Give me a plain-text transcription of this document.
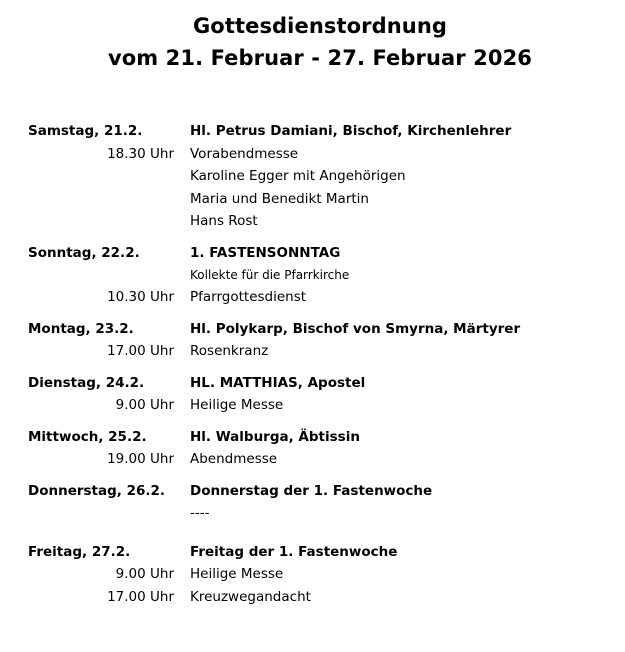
Gottesdienstordnung
vom 21. Februar - 27. Februar 2026
Samstag, 21.2.	Hl. Petrus Damiani, Bischof, Kirchenlehrer
18.30 Uhr Vorabendmesse
Karoline Egger mit Angehörigen
Maria und Benedikt Martin
Hans Rost
Sonntag, 22.2.	1. FASTENSONNTAG
Kollekte für die Pfarrkirche
10.30 Uhr Pfarrgottesdienst
Montag, 23.2.	Hl. Polykarp, Bischof von Smyrna, Märtyrer
17.00 Uhr Rosenkranz
Dienstag, 24.2.	HL. MATTHIAS, Apostel
9.00 Uhr Heilige Messe
Mittwoch, 25.2.	Hl. Walburga, Äbtissin
19.00 Uhr Abendmesse
Donnerstag, 26.2.	Donnerstag der 1. Fastenwoche
----
Freitag, 27.2.	Freitag der 1. Fastenwoche
9.00 Uhr Heilige Messe
17.00 Uhr Kreuzwegandacht
